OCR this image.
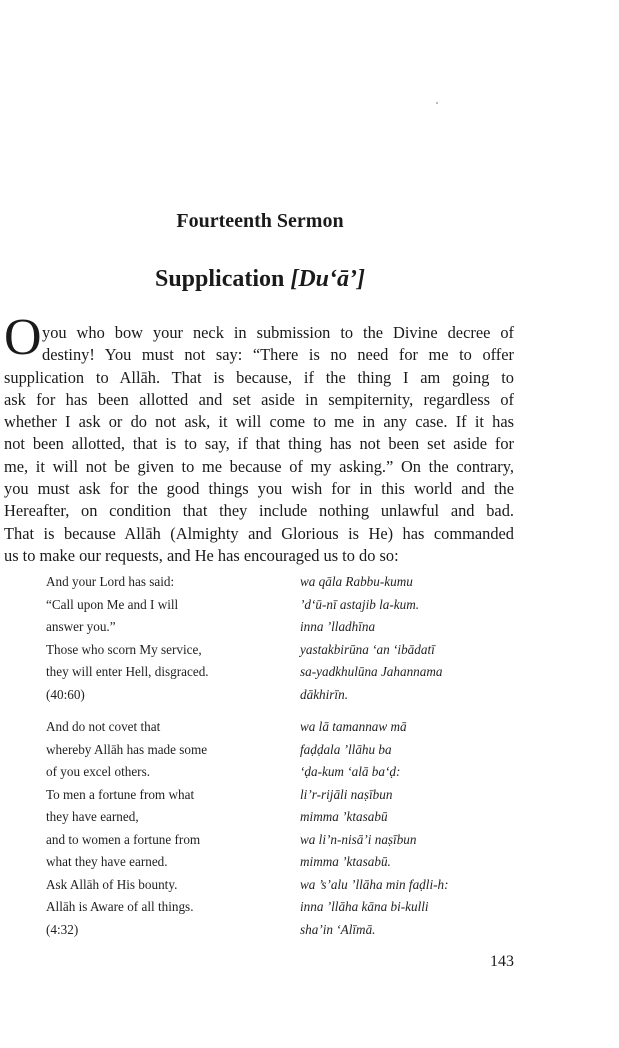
Fourteenth Sermon
Supplication [Du‘ā’]
O you who bow your neck in submission to the Divine decree of
destiny! You must not say: “There is no need for me to offer
supplication to Allāh. That is because, if the thing I am going to
ask for has been allotted and set aside in sempiternity, regardless of
whether I ask or do not ask, it will come to me in any case. If it has
not been allotted, that is to say, if that thing has not been set aside for
me, it will not be given to me because of my asking.” On the contrary,
you must ask for the good things you wish for in this world and the
Hereafter, on condition that they include nothing unlawful and bad.
That is because Allāh (Almighty and Glorious is He) has commanded
us to make our requests, and He has encouraged us to do so:
And your Lord has said:	wa qāla Rabbu-kumu
“Call upon Me and I will	’d‘ū-nī astajib la-kum.
answer you.”	inna ’lladhīna
Those who scorn My service,	yastakbirūna ‘an ‘ibādatī
they will enter Hell, disgraced.	sa-yadkhulūna Jahannama
(40:60)	dākhirīn.
And do not covet that	wa lā tamannaw mā
whereby Allāh has made some	faḍḍala ’llāhu ba
of you excel others.	‘ḍa-kum ‘alā ba‘ḍ:
To men a fortune from what	li’r-rijāli naṣībun
they have earned,	mimma ’ktasabū
and to women a fortune from	wa li’n-nisā’i naṣībun
what they have earned.	mimma ’ktasabū.
Ask Allāh of His bounty.	wa ’s’alu ’llāha min faḍli-h:
Allāh is Aware of all things.	inna ’llāha kāna bi-kulli
(4:32)	sha’in ‘Alīmā.
143
